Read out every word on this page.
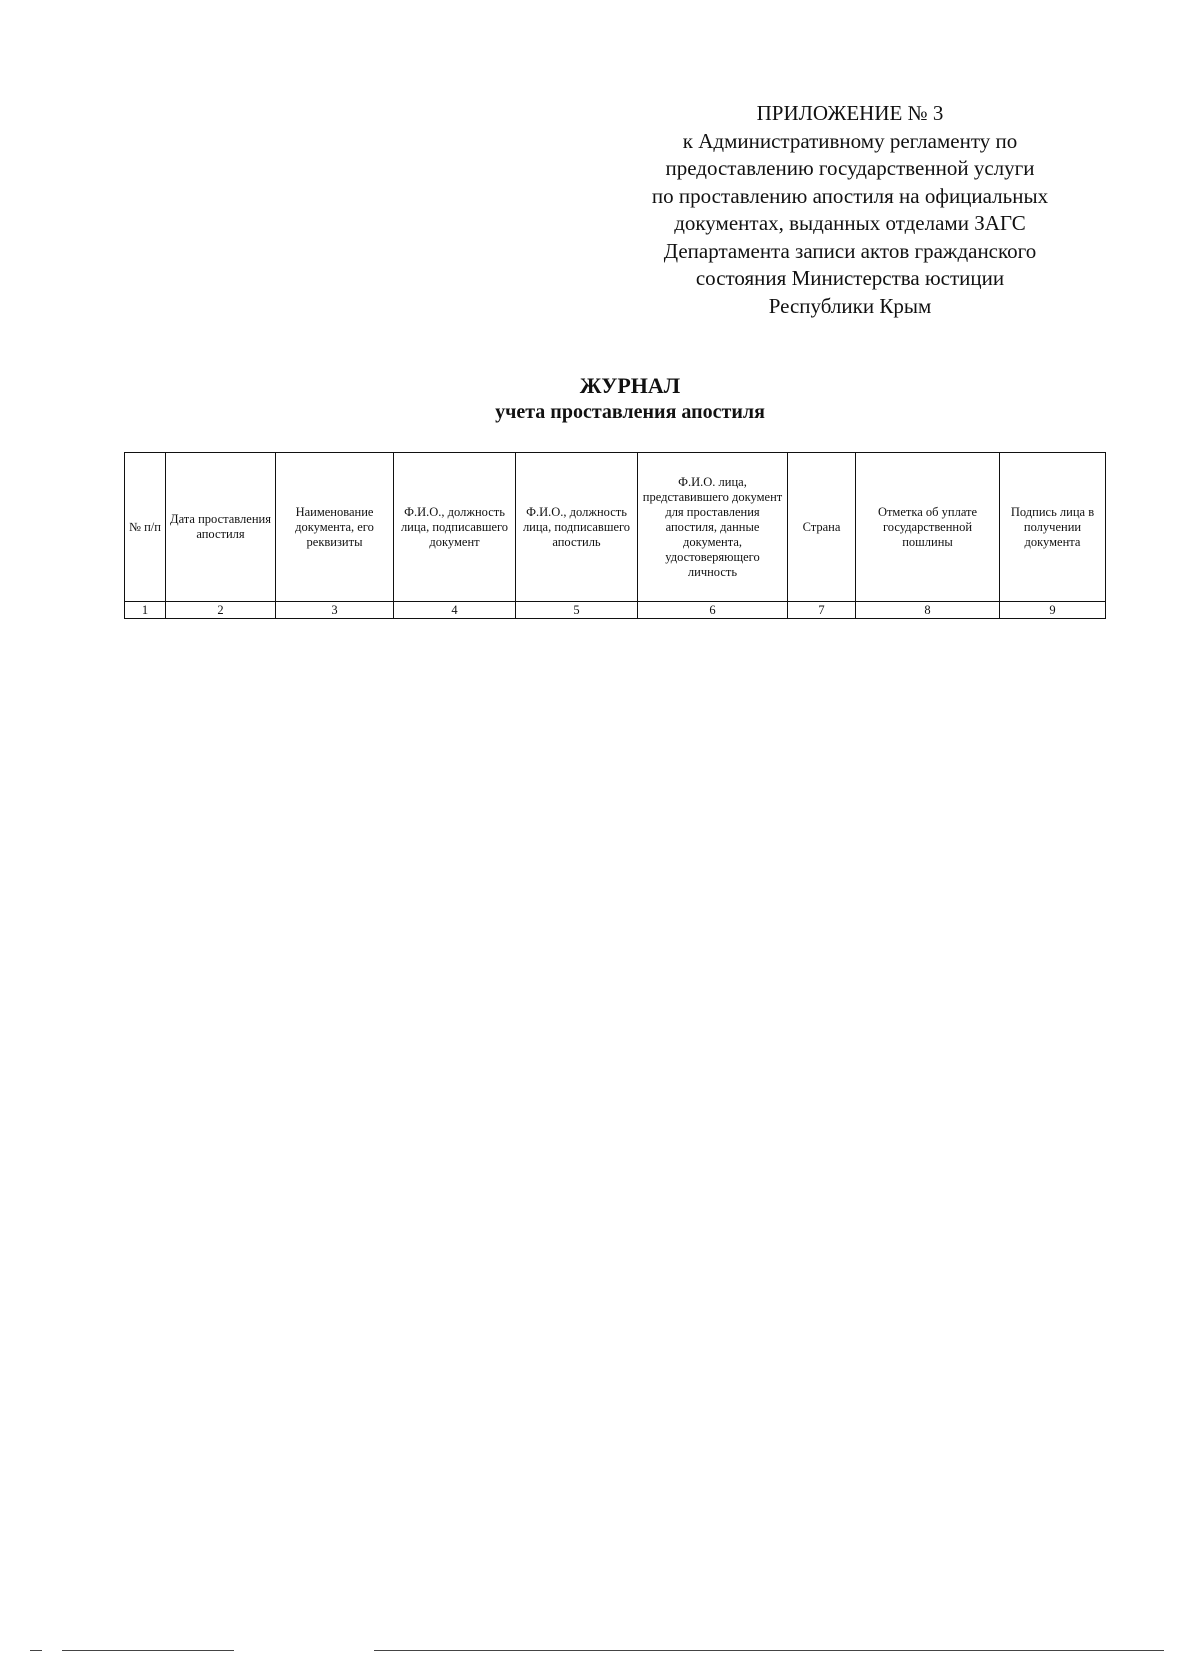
ПРИЛОЖЕНИЕ № 3
к Административному регламенту по
предоставлению государственной услуги
по проставлению апостиля на официальных
документах, выданных отделами ЗАГС
Департамента записи актов гражданского
состояния Министерства юстиции
Республики Крым
ЖУРНАЛ
учета проставления апостиля
№ п/п	Дата проставления апостиля	Наименование документа, его реквизиты	Ф.И.О., должность лица, подписавшего документ	Ф.И.О., должность лица, подписавшего апостиль	Ф.И.О. лица, представившего документ для проставления апостиля, данные документа, удостоверяющего личность	Страна	Отметка об уплате государственной пошлины	Подпись лица в получении документа
1	2	3	4	5	6	7	8	9
